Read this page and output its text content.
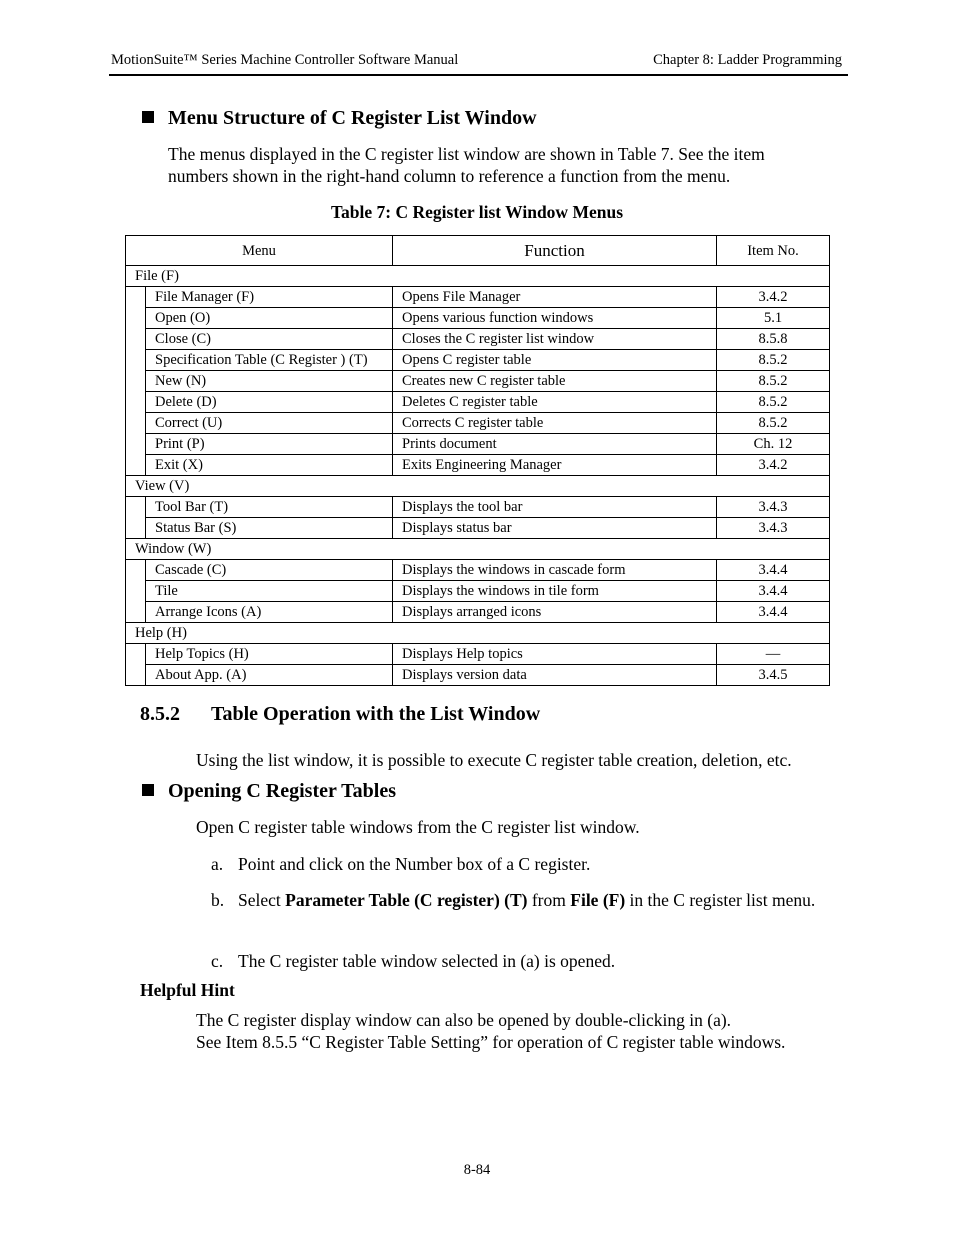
MotionSuite™ Series Machine Controller Software Manual	Chapter 8: Ladder Programming
Menu Structure of C Register List Window
The menus displayed in the C register list window are shown in Table 7. See the item
numbers shown in the right-hand column to reference a function from the menu.
Table 7: C Register list Window Menus
Menu		Function	Item No.
File (F)			
	File Manager (F)	Opens File Manager	3.4.2
	Open (O)	Opens various function windows	5.1
	Close (C)	Closes the C register list window	8.5.8
	Specification Table (C Register ) (T)	Opens C register table	8.5.2
	New (N)	Creates new C register table	8.5.2
	Delete (D)	Deletes C register table	8.5.2
	Correct (U)	Corrects C register table	8.5.2
	Print (P)	Prints document	Ch. 12
	Exit (X)	Exits Engineering Manager	3.4.2
View (V)			
	Tool Bar (T)	Displays the tool bar	3.4.3
	Status Bar (S)	Displays status bar	3.4.3
Window (W)			
	Cascade (C)	Displays the windows in cascade form	3.4.4
	Tile	Displays the windows in tile form	3.4.4
	Arrange Icons (A)	Displays arranged icons	3.4.4
Help (H)			
	Help Topics (H)	Displays Help topics	—
	About App. (A)	Displays version data	3.4.5
8.5.2 Table Operation with the List Window
Using the list window, it is possible to execute C register table creation, deletion, etc.
Opening C Register Tables
Open C register table windows from the C register list window.
a. Point and click on the Number box of a C register.
b. Select Parameter Table (C register) (T) from File (F) in the C register list menu.
c. The C register table window selected in (a) is opened.
Helpful Hint
The C register display window can also be opened by double-clicking in (a).
See Item 8.5.5 “C Register Table Setting” for operation of C register table windows.
8-84
